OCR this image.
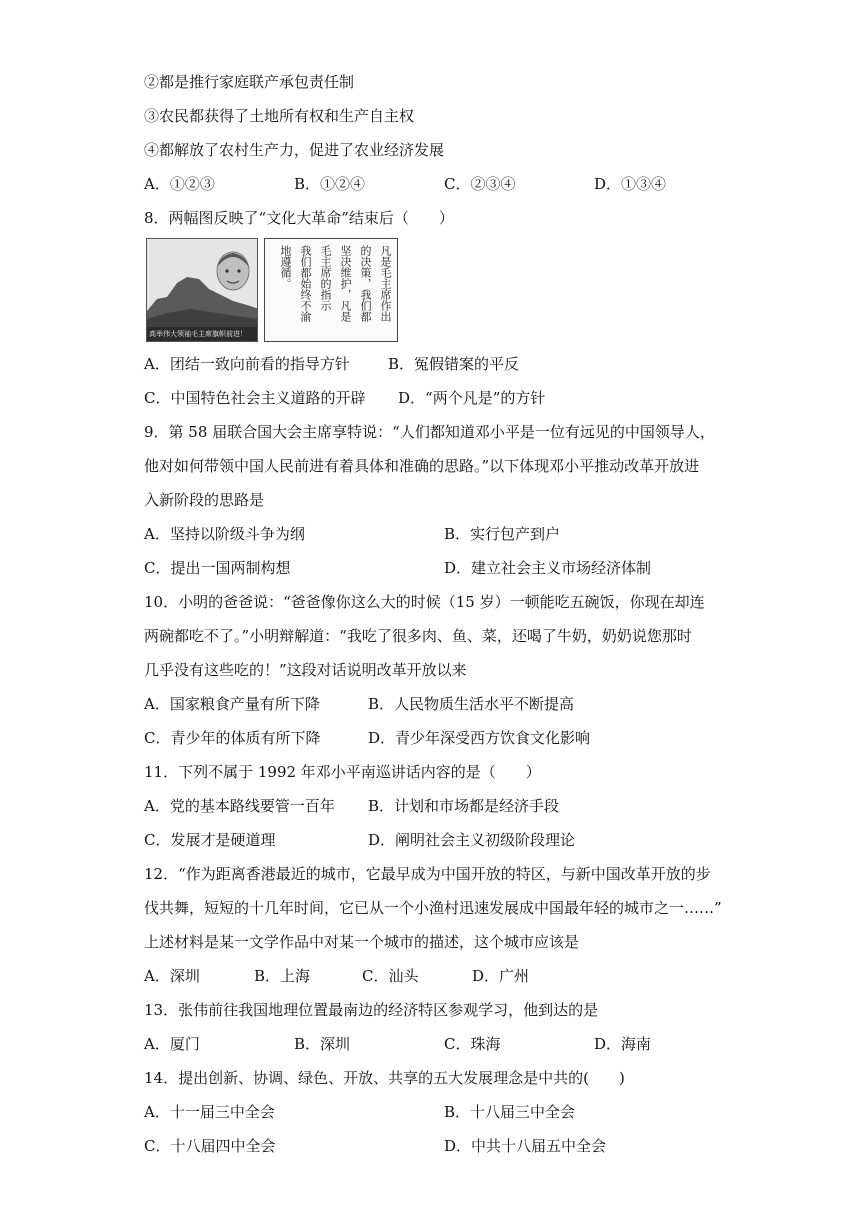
②都是推行家庭联产承包责任制
③农民都获得了土地所有权和生产自主权
④都解放了农村生产力，促进了农业经济发展
A．①②③	B．①②④	C．②③④	D．①③④
8．两幅图反映了“文化大革命”结束后（　　）
高举伟大领袖毛主席旗帜前进！
凡是毛主席作出
的决策，我们都
坚决维护，凡是
毛主席的指示
我们都始终不渝
地遵循。
A．团结一致向前看的指导方针	B．冤假错案的平反
C．中国特色社会主义道路的开辟 D．“两个凡是”的方针
9．第 58 届联合国大会主席享特说：“人们都知道邓小平是一位有远见的中国领导人，
他对如何带领中国人民前进有着具体和准确的思路。”以下体现邓小平推动改革开放进
入新阶段的思路是
A．坚持以阶级斗争为纲	B．实行包产到户
C．提出一国两制构想	D．建立社会主义市场经济体制
10．小明的爸爸说：“爸爸像你这么大的时候（15 岁）一顿能吃五碗饭，你现在却连
两碗都吃不了。”小明辩解道：“我吃了很多肉、鱼、菜，还喝了牛奶，奶奶说您那时
几乎没有这些吃的！”这段对话说明改革开放以来
A．国家粮食产量有所下降	B．人民物质生活水平不断提高
C．青少年的体质有所下降	D．青少年深受西方饮食文化影响
11．下列不属于 1992 年邓小平南巡讲话内容的是（　　）
A．党的基本路线要管一百年 B．计划和市场都是经济手段
C．发展才是硬道理	D．阐明社会主义初级阶段理论
12．“作为距离香港最近的城市，它最早成为中国开放的特区，与新中国改革开放的步
伐共舞，短短的十几年时间，它已从一个小渔村迅速发展成中国最年轻的城市之一……”
上述材料是某一文学作品中对某一个城市的描述，这个城市应该是
A．深圳	B．上海	C．汕头	D．广州
13．张伟前往我国地理位置最南边的经济特区参观学习，他到达的是
A．厦门	B．深圳	C．珠海	D．海南
14．提出创新、协调、绿色、开放、共享的五大发展理念是中共的(　　)
A．十一届三中全会	B．十八届三中全会
C．十八届四中全会	D．中共十八届五中全会
